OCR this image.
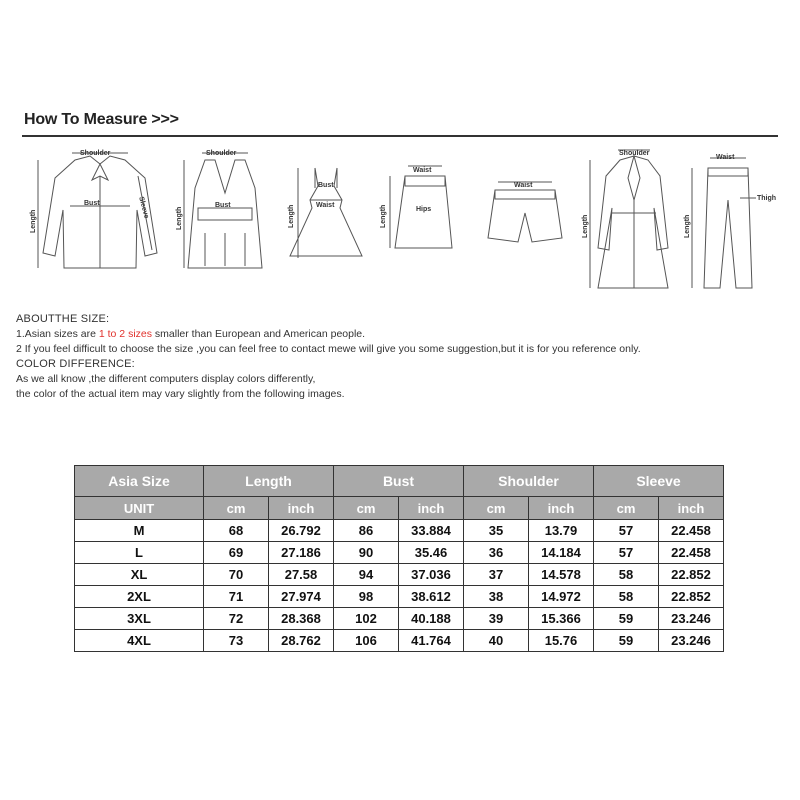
How To Measure >>>
Shoulder
Bust	Sleeve
Length
Shoulder
Bust
Length
Bust
Waist
Length
Waist
Hips
Length
Waist
Shoulder
Length
Waist
Thigh
Length
ABOUTTHE SIZE:
1.Asian sizes are 1 to 2 sizes smaller than European and American people.
2 If you feel difficult to choose the size ,you can feel free to contact mewe will give you some suggestion,but it is for you reference only.
COLOR DIFFERENCE:
As we all know ,the different computers display colors differently,
the color of the actual item may vary slightly from the following images.
Asia Size	Length		Bust		Shoulder		Sleeve	
UNIT	cm	inch	cm	inch	cm	inch	cm	inch
M	68	26.792	86	33.884	35	13.79	57	22.458
L	69	27.186	90	35.46	36	14.184	57	22.458
XL	70	27.58	94	37.036	37	14.578	58	22.852
2XL	71	27.974	98	38.612	38	14.972	58	22.852
3XL	72	28.368	102	40.188	39	15.366	59	23.246
4XL	73	28.762	106	41.764	40	15.76	59	23.246
